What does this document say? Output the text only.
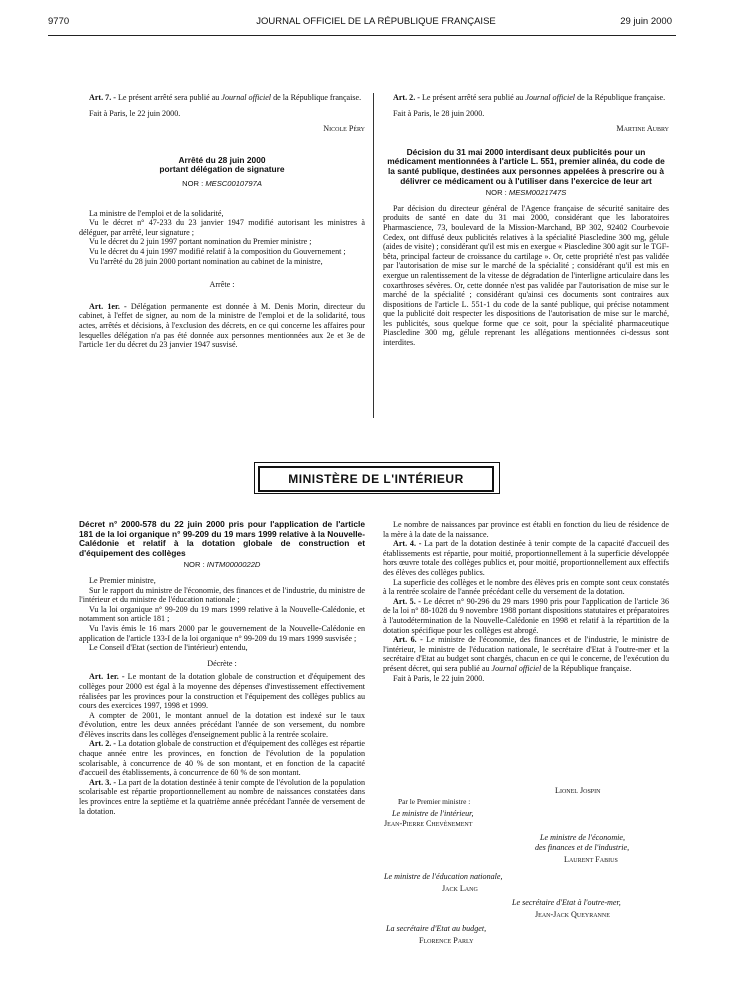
9770	JOURNAL OFFICIEL DE LA RÉPUBLIQUE FRANÇAISE	29 juin 2000

Art. 7. - Le présent arrêté sera publié au Journal officiel de la République française.

Fait à Paris, le 22 juin 2000.

Nicole Péry

Arrêté du 28 juin 2000
portant délégation de signature
NOR : MESC0010797A

La ministre de l'emploi et de la solidarité,

Vu le décret n° 47-233 du 23 janvier 1947 modifié autorisant les ministres à déléguer, par arrêté, leur signature ;

Vu le décret du 2 juin 1997 portant nomination du Premier ministre ;

Vu le décret du 4 juin 1997 modifié relatif à la composition du Gouvernement ;

Vu l'arrêté du 28 juin 2000 portant nomination au cabinet de la ministre,

Arrête :

Art. 1er. - Délégation permanente est donnée à M. Denis Morin, directeur du cabinet, à l'effet de signer, au nom de la ministre de l'emploi et de la solidarité, tous actes, arrêtés et décisions, à l'exclusion des décrets, en ce qui concerne les affaires pour lesquelles délégation n'a pas été donnée aux personnes mentionnées aux 2e et 3e de l'article 1er du décret du 23 janvier 1947 susvisé.

Art. 2. - Le présent arrêté sera publié au Journal officiel de la République française.

Fait à Paris, le 28 juin 2000.

Martine Aubry

Décision du 31 mai 2000 interdisant deux publicités pour un médicament mentionnées à l'article L. 551, premier alinéa, du code de la santé publique, destinées aux personnes appelées à prescrire ou à délivrer ce médicament ou à l'utiliser dans l'exercice de leur art
NOR : MESM0021747S

Par décision du directeur général de l'Agence française de sécurité sanitaire des produits de santé en date du 31 mai 2000, considérant que les laboratoires Pharmascience, 73, boulevard de la Mission-Marchand, BP 302, 92402 Courbevoie Cedex, ont diffusé deux publicités relatives à la spécialité Piascledine 300 mg, gélule (aides de visite) ; considérant qu'il est mis en exergue « Piascledine 300 agit sur le TGF-bêta, principal facteur de croissance du cartilage ». Or, cette propriété n'est pas validée par l'autorisation de mise sur le marché de la spécialité ; considérant qu'il est mis en exergue un ralentissement de la vitesse de dégradation de l'interligne articulaire dans les coxarthroses sévères. Or, cette donnée n'est pas validée par l'autorisation de mise sur le marché de la spécialité ; considérant qu'ainsi ces documents sont contraires aux dispositions de l'article L. 551-1 du code de la santé publique, qui précise notamment que la publicité doit respecter les dispositions de l'autorisation de mise sur le marché, les publicités, sous quelque forme que ce soit, pour la spécialité pharmaceutique Piascledine 300 mg, gélule reprenant les allégations mentionnées ci-dessus sont interdites.

MINISTÈRE DE L'INTÉRIEUR
Décret n° 2000-578 du 22 juin 2000 pris pour l'application de l'article 181 de la loi organique n° 99-209 du 19 mars 1999 relative à la Nouvelle-Calédonie et relatif à la dotation globale de construction et d'équipement des collèges
NOR : INTM0000022D

Le Premier ministre,

Sur le rapport du ministre de l'économie, des finances et de l'industrie, du ministre de l'intérieur et du ministre de l'éducation nationale ;

Vu la loi organique n° 99-209 du 19 mars 1999 relative à la Nouvelle-Calédonie, et notamment son article 181 ;

Vu l'avis émis le 16 mars 2000 par le gouvernement de la Nouvelle-Calédonie en application de l'article 133-I de la loi organique n° 99-209 du 19 mars 1999 susvisée ;

Le Conseil d'Etat (section de l'intérieur) entendu,

Décrète :

Art. 1er. - Le montant de la dotation globale de construction et d'équipement des collèges pour 2000 est égal à la moyenne des dépenses d'investissement effectivement réalisées par les provinces pour la construction et l'équipement des collèges publics au cours des exercices 1997, 1998 et 1999.

A compter de 2001, le montant annuel de la dotation est indexé sur le taux d'évolution, entre les deux années précédant l'année de son versement, du nombre d'élèves inscrits dans les collèges d'enseignement public à la rentrée scolaire.

Art. 2. - La dotation globale de construction et d'équipement des collèges est répartie chaque année entre les provinces, en fonction de l'évolution de la population scolarisable, à concurrence de 40 % de son montant, et en fonction de la capacité d'accueil des établissements, à concurrence de 60 % de son montant.

Art. 3. - La part de la dotation destinée à tenir compte de l'évolution de la population scolarisable est répartie proportionnellement au nombre de naissances constatées dans les provinces entre la septième et la quatrième année précédant l'année de versement de la dotation.

Le nombre de naissances par province est établi en fonction du lieu de résidence de la mère à la date de la naissance.

Art. 4. - La part de la dotation destinée à tenir compte de la capacité d'accueil des établissements est répartie, pour moitié, proportionnellement à la superficie développée hors œuvre totale des collèges publics et, pour moitié, proportionnellement aux effectifs des élèves des collèges publics.

La superficie des collèges et le nombre des élèves pris en compte sont ceux constatés à la rentrée scolaire de l'année précédant celle du versement de la dotation.

Art. 5. - Le décret n° 90-296 du 29 mars 1990 pris pour l'application de l'article 36 de la loi n° 88-1028 du 9 novembre 1988 portant dispositions statutaires et préparatoires à l'autodétermination de la Nouvelle-Calédonie en 1998 et relatif à la répartition de la dotation spécifique pour les collèges est abrogé.

Art. 6. - Le ministre de l'économie, des finances et de l'industrie, le ministre de l'intérieur, le ministre de l'éducation nationale, le secrétaire d'Etat à l'outre-mer et la secrétaire d'Etat au budget sont chargés, chacun en ce qui le concerne, de l'exécution du présent décret, qui sera publié au Journal officiel de la République française.

Fait à Paris, le 22 juin 2000.

Lionel Jospin
Par le Premier ministre :
Le ministre de l'intérieur,
Jean-Pierre Chevènement
Le ministre de l'économie,
des finances et de l'industrie,
Laurent Fabius
Le ministre de l'éducation nationale,
Jack Lang
Le secrétaire d'Etat à l'outre-mer,
Jean-Jack Queyranne
La secrétaire d'Etat au budget,
Florence Parly
